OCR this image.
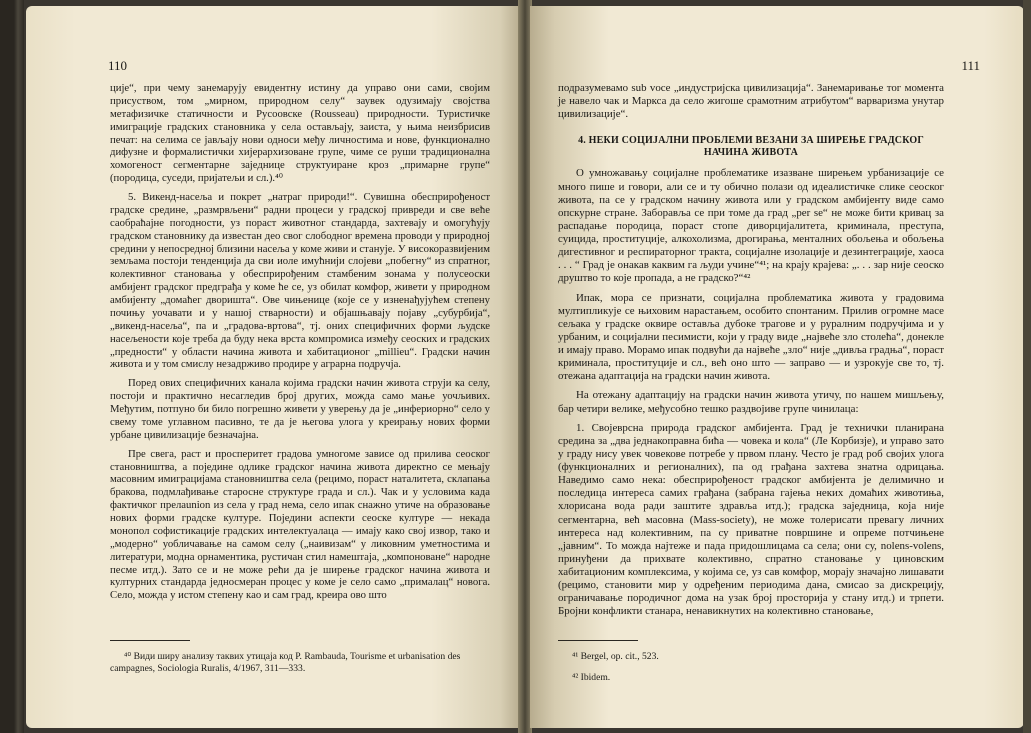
110

ције“, при чему занемарују евидентну истину да управо они сами, својим присуством, том „мирном, природном селу“ заувек одузимају својства метафизичке статичности и Русоовске (Rousseau) природности. Туристичке имиграције градских становника у села остављају, заиста, у њима неизбрисив печат: на селима се јављају нови односи међу личностима и нове, функционално дифузне и формалистички хијерархизоване групе, чиме се руши традиционална хомогеност сегментарне заједнице структуиране кроз „примарне групе“ (породица, суседи, пријатељи и сл.).⁴⁰

5. Викенд-насеља и покрет „натраг природи!“. Сувишна обесприрођеност градске средине, „размрвљени“ радни процеси у градској привреди и све веће саобраћајне погодности, уз пораст животног стандарда, захтевају и омогућују градском становнику да известан део свог слободног времена проводи у природној средини у непосредној близини насеља у коме живи и станује. У високоразвијеним земљама постоји тенденција да сви иоле имућнији слојеви „побегну“ из спратног, колективног становања у обесприрођеним стамбеним зонама у полусеоски амбијент градског предграђа у коме ће се, уз обилат комфор, живети у природном амбијенту „домаћег дворишта“. Ове чињенице (које се у изненађујућем степену почињу уочавати и у нашој стварности) и објашњавају појаву „субурбија“, „викенд-насеља“, па и „градова-вртова“, тј. оних специфичних форми људске насељености које треба да буду нека врста компромиса између сеоских и градских „предности“ у области начина живота и хабитационог „millieu“. Градски начин живота и у том смислу незадрживо продире у аграрна подручја.

Поред ових специфичних канала којима градски начин живота струји ка селу, постоји и практично несагледив број других, можда само мање уочљивих. Међутим, потпуно би било погрешно живети у уверењу да је „инфериорно“ село у свему томе углавном пасивно, те да је његова улога у креирању нових форми урбане цивилизације безначајна.

Пре свега, раст и просперитет градова умногоме зависе од прилива сеоског становништва, а поједине одлике градског начина живота директно се мењају масовним имиграцијама становништва села (рецимо, пораст наталитета, склапања бракова, подмлађивање старосне структуре града и сл.). Чак и у условима када фактичког прелаunion из села у град нема, село ипак снажно утиче на образовање нових форми градске културе. Поједини аспекти сеоске културе — некада монопол софистикације градских интелектуалаца — имају како свој извор, тако и „модерно“ уобличавање на самом селу („наивизам“ у ликовним уметностима и литератури, модна орнаментика, рустичан стил намештаја, „компоноване“ народне песме итд.). Зато се и не може рећи да је ширење градског начина живота и културних стандарда једносмеран процес у коме је село само „прималац“ новога. Село, можда у истом степену као и сам град, креира ово што

⁴⁰ Види ширу анализу таквих утицаја код P. Rambauda, Tourisme et urbanisation des campagnes, Sociologia Ruralis, 4/1967, 311—333.

111

подразумевамо sub voce „индустријска цивилизација“. Занемаривање тог момента је навело чак и Маркса да село жигоше срамотним атрибутом“ варваризма унутар цивилизације“.

4. НЕКИ СОЦИЈАЛНИ ПРОБЛЕМИ ВЕЗАНИ ЗА ШИРЕЊЕ ГРАДСКОГ НАЧИНА ЖИВОТА

О умножавању социјалне проблематике изазване ширењем урбанизације се много пише и говори, али се и ту обично полази од идеалистичке слике сеоског живота, па се у градском начину живота или у градском амбијенту виде само опскурне стране. Заборавља се при томе да град „per se“ не може бити кривац за распадање породица, пораст стопе диворцијалитета, криминала, преступа, суицида, проституције, алкохолизма, дрогирања, менталних обољења и обољења дигестивног и респираторног тракта, социјалне изолације и дезинтеграције, хаоса . . . “ Град је онакав каквим га људи учине“⁴¹; на крају крајева: „. . . зар није сеоско друштво то које пропада, а не градско?“⁴²

Ипак, мора се признати, социјална проблематика живота у градовима мултипликује се њиховим нарастањем, особито спонтаним. Прилив огромне масе сељака у градске оквире оставља дубоке трагове и у руралним подручјима и у урбаним, и социјални песимисти, који у граду виде „највеће зло столећа“, донекле и имају право. Морамо ипак подвући да највеће „зло“ није „дивља градња“, пораст криминала, проституције и сл., већ оно што — заправо — и узрокује све то, тј. отежана адаптација на градски начин живота.

На отежану адаптацију на градски начин живота утичу, по нашем мишљењу, бар четири велике, међусобно тешко раздвојиве групе чинилаца:

1. Својеврсна природа градског амбијента. Град је технички планирана средина за „два једнакоправна бића — човека и кола“ (Ле Корбизје), и управо зато у граду нису увек човекове потребе у првом плану. Често је град роб својих улога (функционалних и регионалних), па од грађана захтева знатна одрицања. Наведимо само нека: обесприрођеност градског амбијента је делимично и последица интереса самих грађана (забрана гајења неких домаћих животиња, хлорисана вода ради заштите здравља итд.); градска заједница, која није сегментарна, већ масовна (Mass-society), не може толерисати превагу личних интереса над колективним, па су приватне површине и опреме потчињене „јавним“. То можда најтеже и пада придошлицама са села; они су, nolens-volens, принуђени да прихвате колективно, спратно становање у циновским хабитационим комплексима, у којима се, уз сав комфор, морају значајно лишавати (рецимо, становити мир у одређеним периодима дана, смисао за дискрецију, ограничавање породичног дома на узак број просторија у стану итд.) и трпети. Бројни конфликти станара, ненавикнутих на колективно становање,

⁴¹ Bergel, op. cit., 523.

⁴² Ibidem.
